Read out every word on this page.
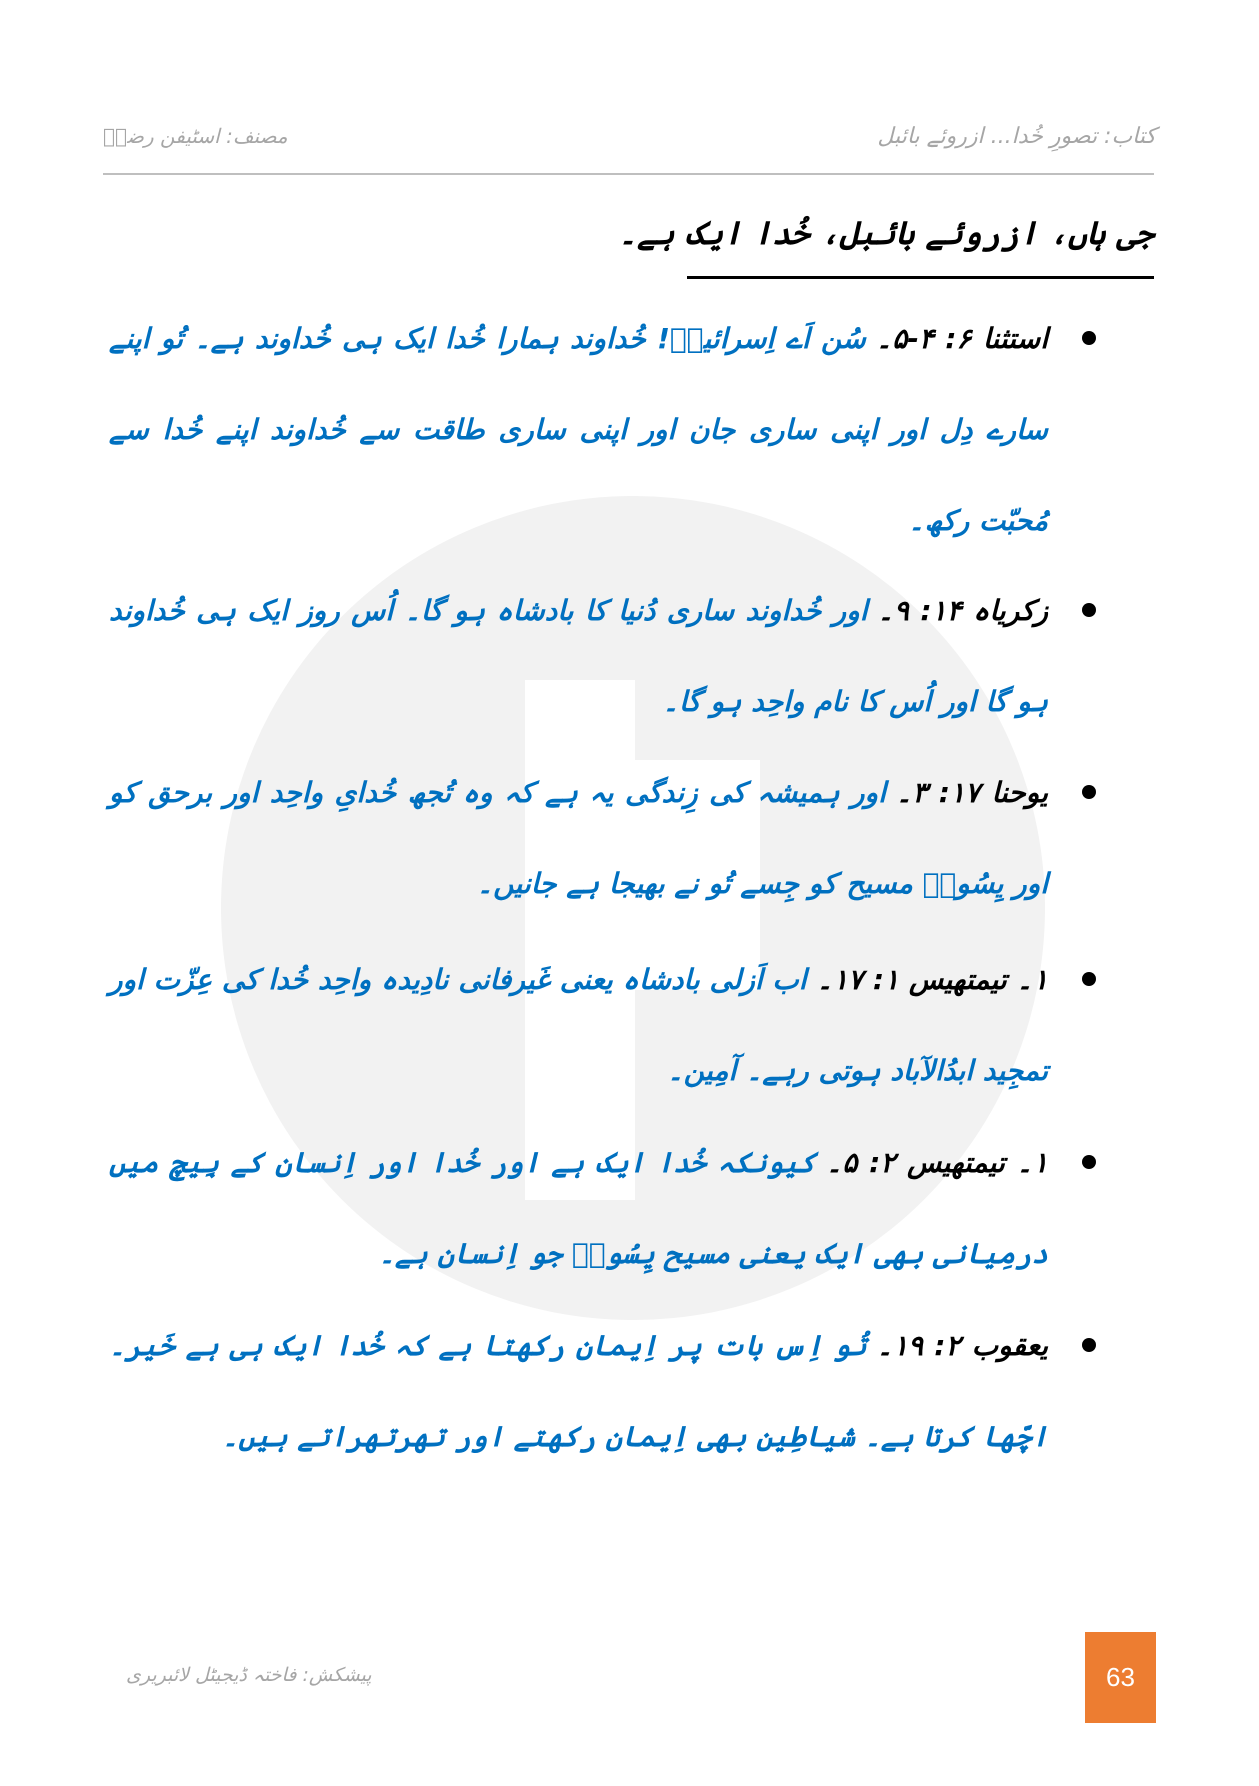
کتاب: تصورِ خُدا... ازروئے بائبل
مصنف: اسٹیفن رضاؔ
جی ہاں، ازروئے بائبل، خُدا ایک ہے۔
استثنا ۶: ۴-۵۔سُن اَے اِسرائیلؔ! خُداوند ہمارا خُدا ایک ہی خُداوند ہے۔ تُو اپنے سارے دِل اور اپنی ساری جان اور اپنی ساری طاقت سے خُداوند اپنے خُدا سے مُحبّت رکھ۔
زکریاہ ۱۴: ۹۔اور خُداوند ساری دُنیا کا بادشاہ ہو گا۔ اُس روز ایک ہی خُداوند ہو گا اور اُس کا نام واحِد ہو گا۔
یوحنا ۱۷: ۳۔اور ہمیشہ کی زِندگی یہ ہے کہ وہ تُجھ خُدایِ واحِد اور برحق کو اور یِسُوعؔ مسیح کو جِسے تُو نے بھیجا ہے جانیں۔
۱۔ تیمتھیس ۱: ۱۷۔اب اَزلی بادشاہ یعنی غَیرفانی نادِیدہ واحِد خُدا کی عِزّت اور تمجِید ابدُالآباد ہوتی رہے۔ آمِین۔
۱۔ تیمتھیس ۲: ۵۔کیونکہ خُدا ایک ہے اور خُدا اور اِنسان کے بِیچ میں درمِیانی بھی ایک یعنی مسیح یِسُوعؔ جو اِنسان ہے۔
یعقوب ۲: ۱۹۔تُو اِس بات پر اِیمان رکھتا ہے کہ خُدا ایک ہی ہے خَیر۔ اچّھا کرتا ہے۔ شیاطِین بھی اِیمان رکھتے اور تھرتھراتے ہیں۔
پیشکش: فاختہ ڈیجیٹل لائبریری	63
